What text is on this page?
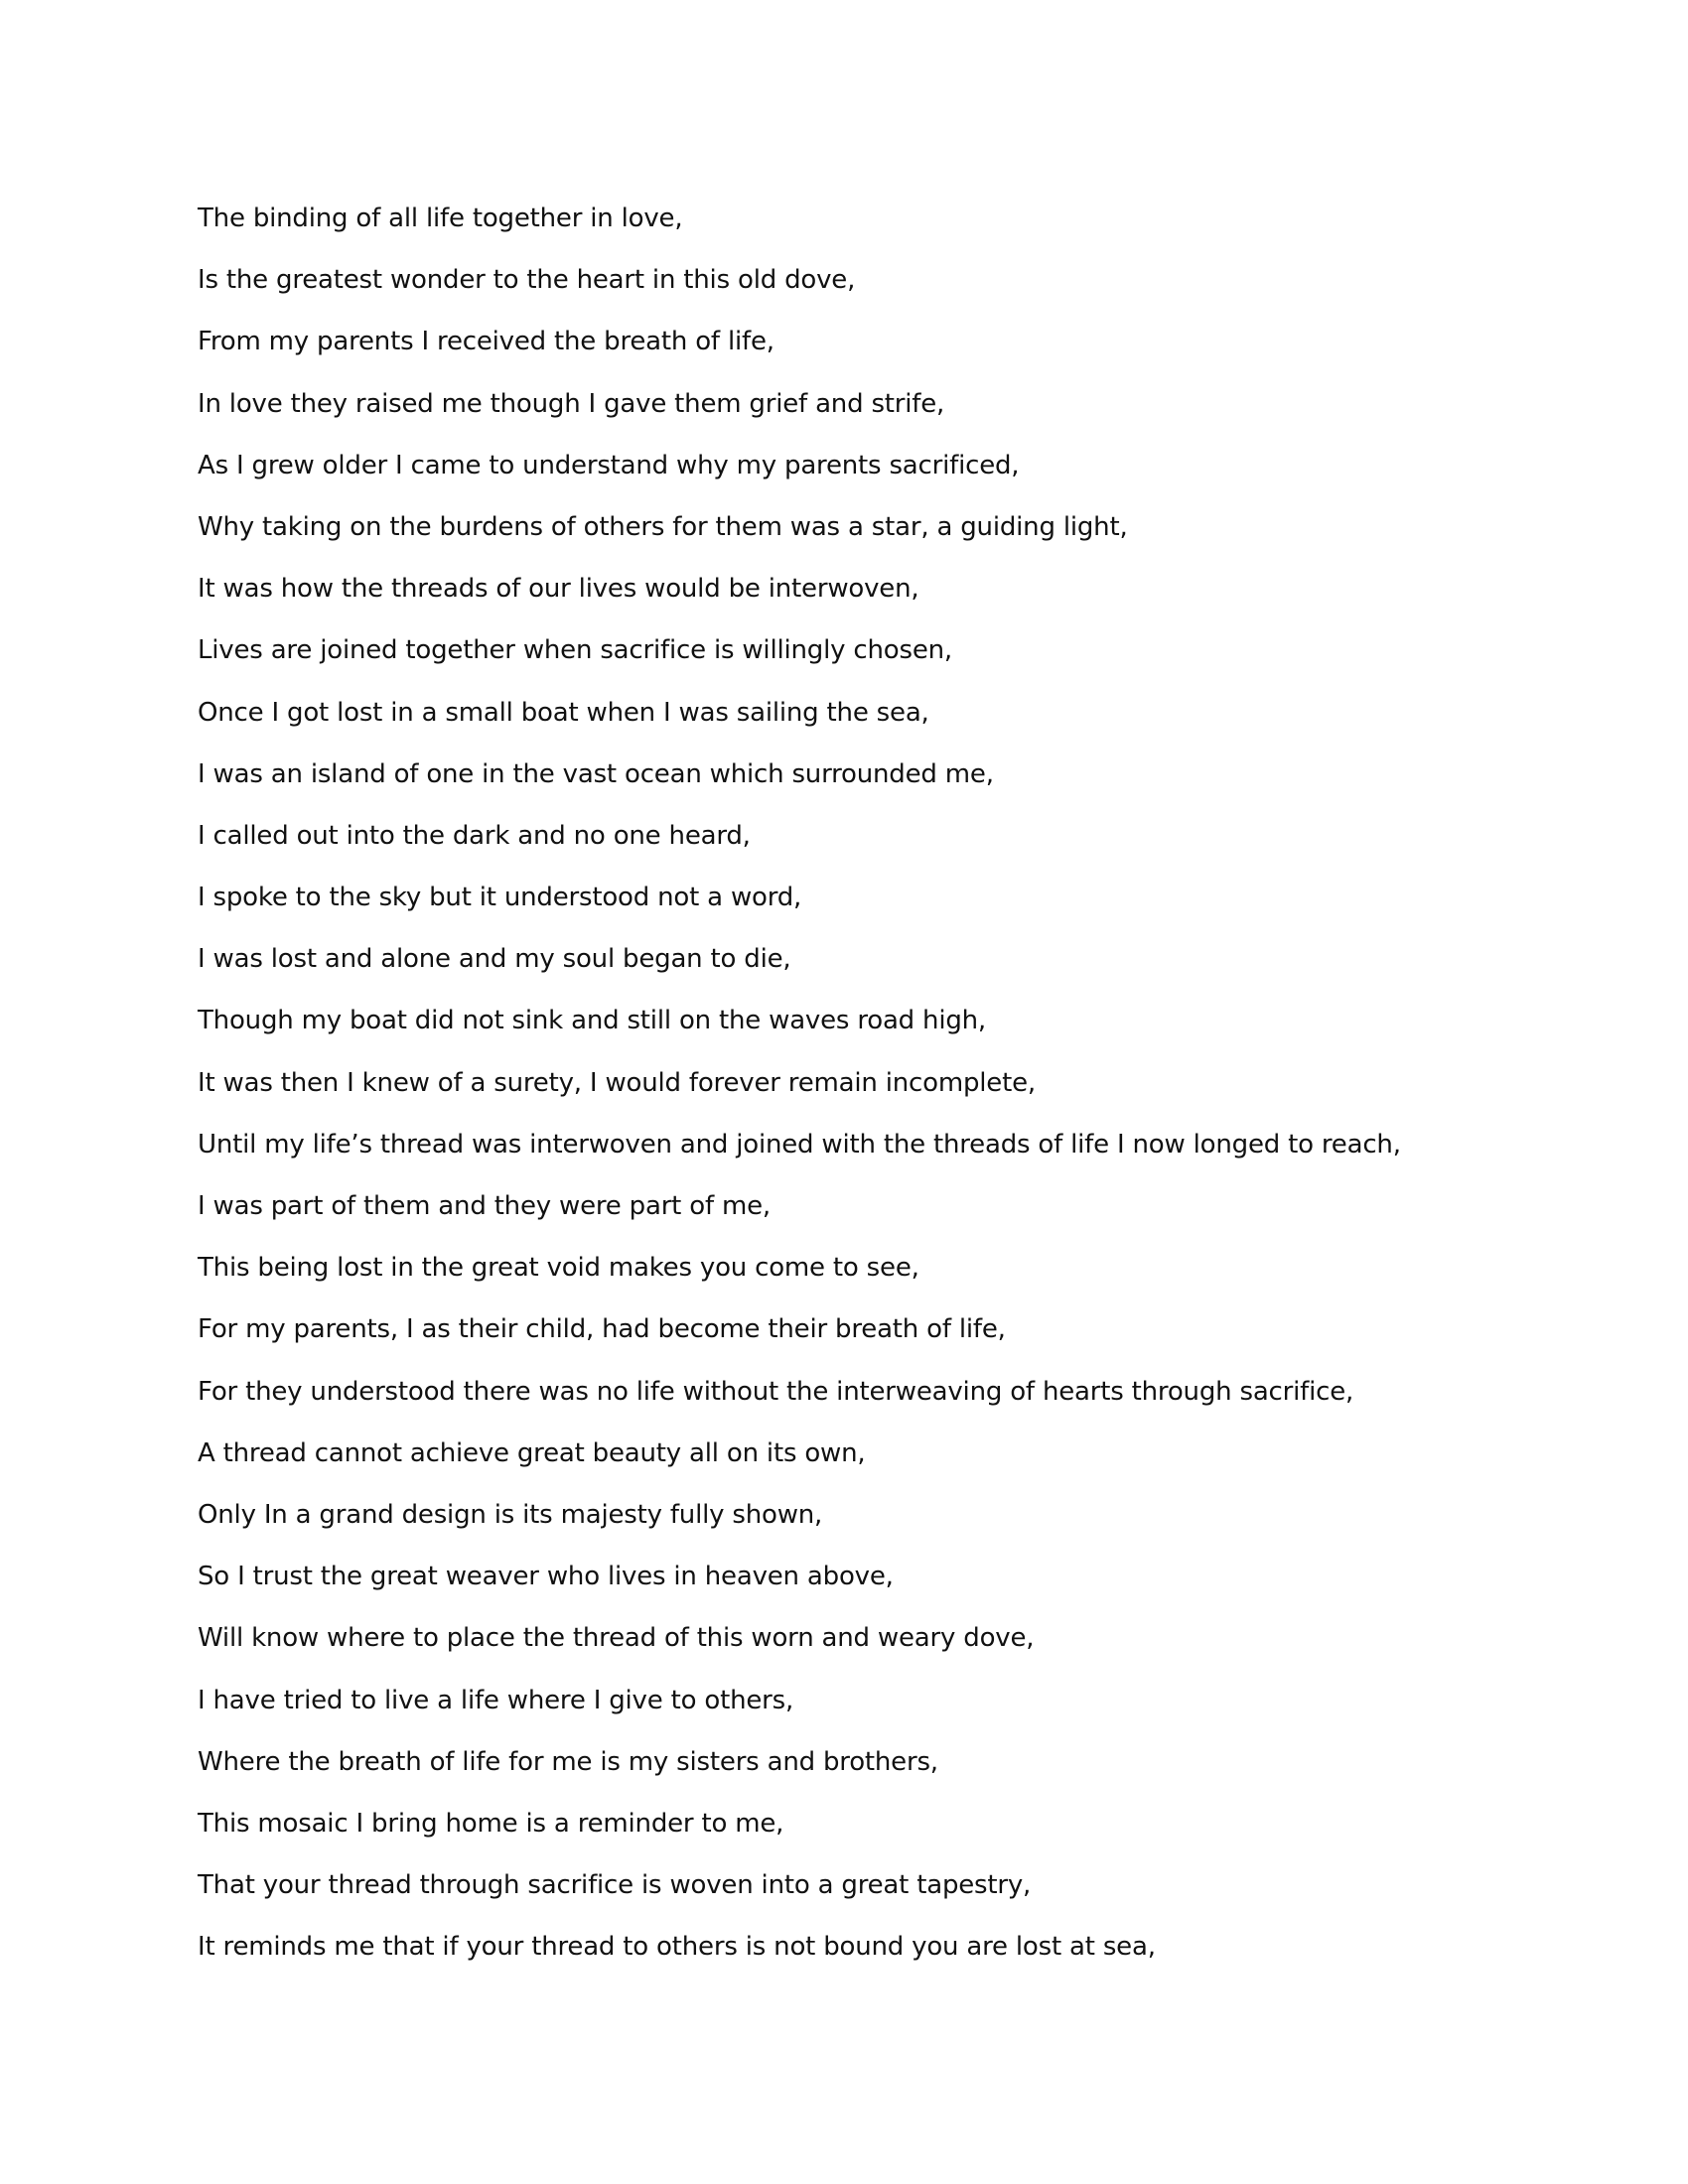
The binding of all life together in love,
Is the greatest wonder to the heart in this old dove,
From my parents I received the breath of life,
In love they raised me though I gave them grief and strife,
As I grew older I came to understand why my parents sacrificed,
Why taking on the burdens of others for them was a star, a guiding light,
It was how the threads of our lives would be interwoven,
Lives are joined together when sacrifice is willingly chosen,
Once I got lost in a small boat when I was sailing the sea,
I was an island of one in the vast ocean which surrounded me,
I called out into the dark and no one heard,
I spoke to the sky but it understood not a word,
I was lost and alone and my soul began to die,
Though my boat did not sink and still on the waves road high,
It was then I knew of a surety, I would forever remain incomplete,
Until my life’s thread was interwoven and joined with the threads of life I now longed to reach,
I was part of them and they were part of me,
This being lost in the great void makes you come to see,
For my parents, I as their child, had become their breath of life,
For they understood there was no life without the interweaving of hearts through sacrifice,
A thread cannot achieve great beauty all on its own,
Only In a grand design is its majesty fully shown,
So I trust the great weaver who lives in heaven above,
Will know where to place the thread of this worn and weary dove,
I have tried to live a life where I give to others,
Where the breath of life for me is my sisters and brothers,
This mosaic I bring home is a reminder to me,
That your thread through sacrifice is woven into a great tapestry,
It reminds me that if your thread to others is not bound you are lost at sea,
